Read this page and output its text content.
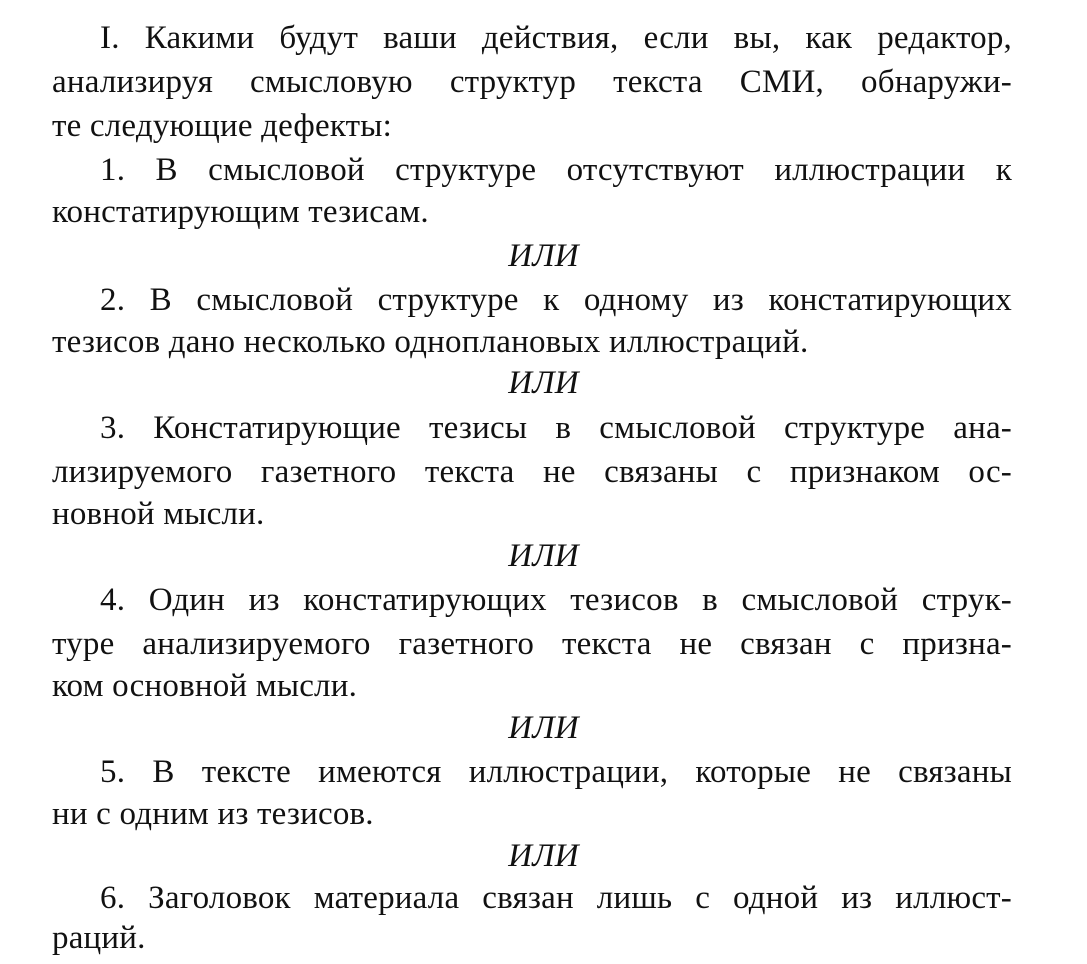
I. Какими будут ваши действия, если вы, как редактор,
анализируя смысловую структур текста СМИ, обнаружи-
те следующие дефекты:
1. В смысловой структуре отсутствуют иллюстрации к
констатирующим тезисам.
ИЛИ
2. В смысловой структуре к одному из констатирующих
тезисов дано несколько одноплановых иллюстраций.
ИЛИ
3. Констатирующие тезисы в смысловой структуре ана-
лизируемого газетного текста не связаны с признаком ос-
новной мысли.
ИЛИ
4. Один из констатирующих тезисов в смысловой струк-
туре анализируемого газетного текста не связан с призна-
ком основной мысли.
ИЛИ
5. В тексте имеются иллюстрации, которые не связаны
ни с одним из тезисов.
ИЛИ
6. Заголовок материала связан лишь с одной из иллюст-
раций.
